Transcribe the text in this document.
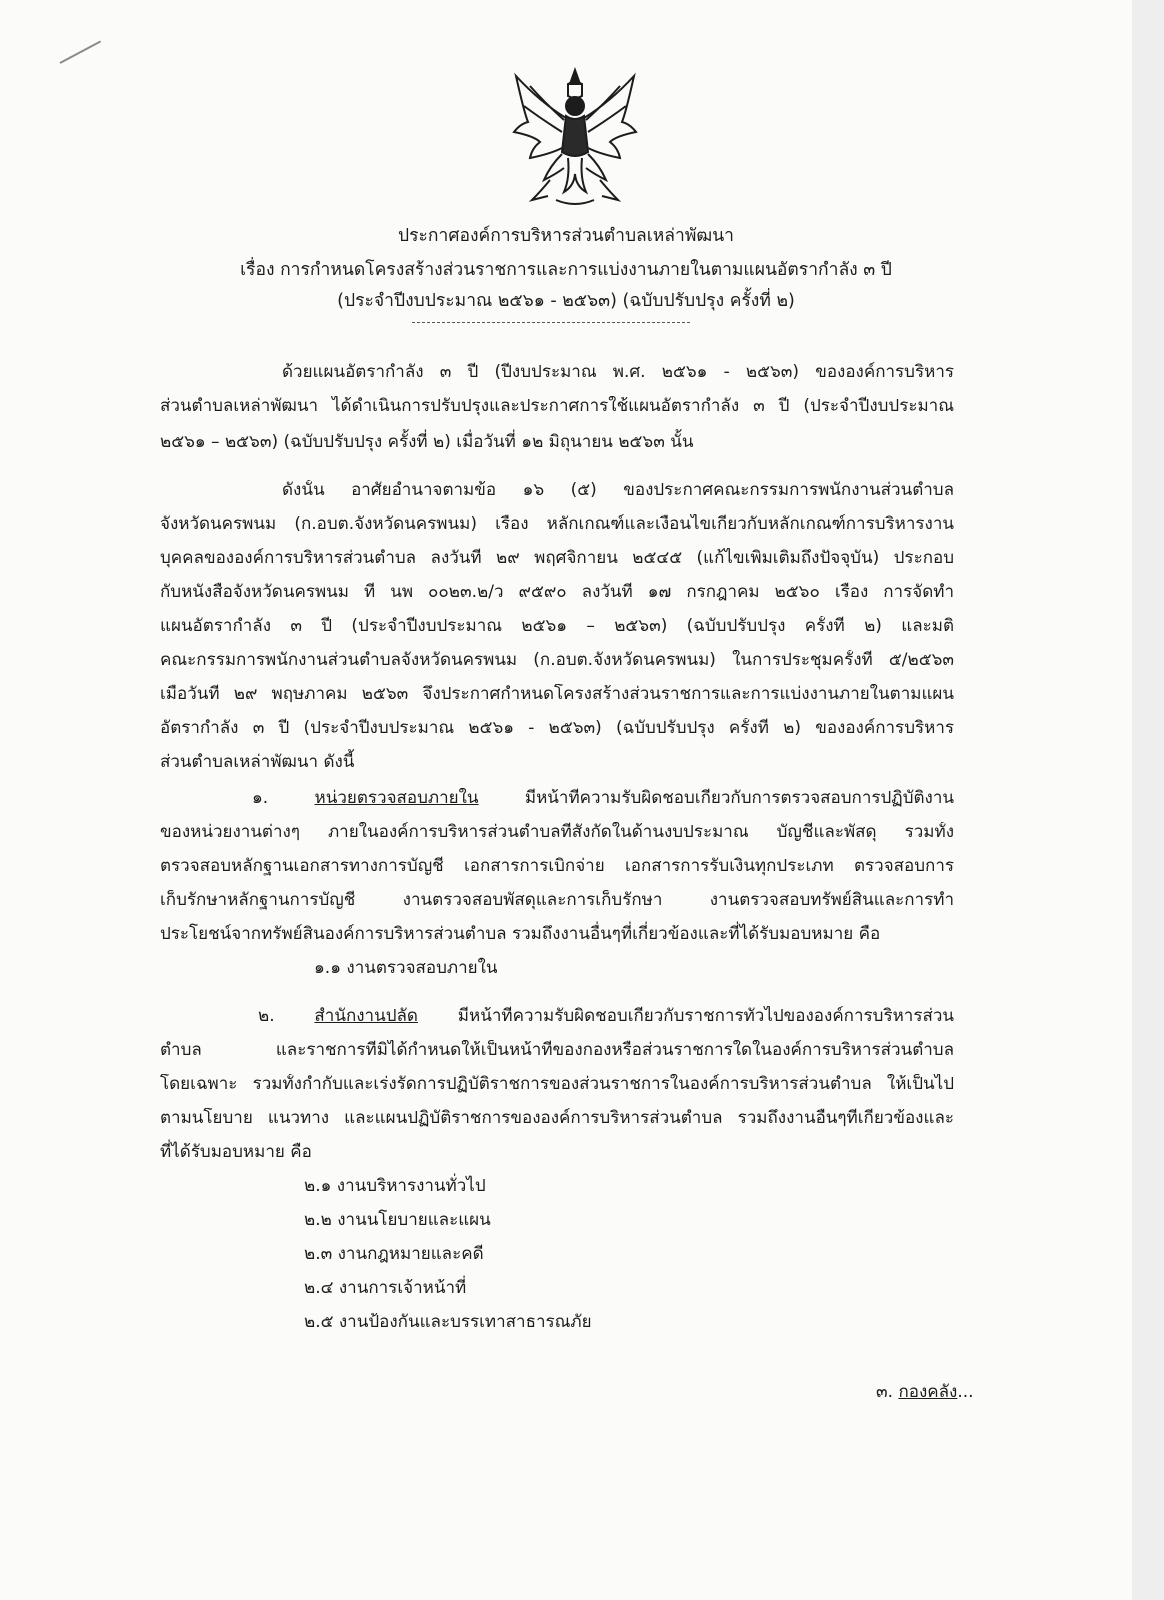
ประกาศองค์การบริหารส่วนตำบลเหล่าพัฒนา
เรื่อง การกำหนดโครงสร้างส่วนราชการและการแบ่งงานภายในตามแผนอัตรากำลัง ๓ ปี
(ประจำปีงบประมาณ ๒๕๖๑ - ๒๕๖๓) (ฉบับปรับปรุง ครั้งที่ ๒)
ด้วยแผนอัตรากำลัง ๓ ปี (ปีงบประมาณ พ.ศ. ๒๕๖๑ - ๒๕๖๓) ขององค์การบริหาร
ส่วนตำบลเหล่าพัฒนา ได้ดำเนินการปรับปรุงและประกาศการใช้แผนอัตรากำลัง ๓ ปี (ประจำปีงบประมาณ
๒๕๖๑ – ๒๕๖๓) (ฉบับปรับปรุง ครั้งที่ ๒) เมื่อวันที่ ๑๒ มิถุนายน ๒๕๖๓ นั้น
ดังนั้น อาศัยอำนาจตามข้อ ๑๖ (๕) ของประกาศคณะกรรมการพนักงานส่วนตำบล
จังหวัดนครพนม (ก.อบต.จังหวัดนครพนม) เรื่อง หลักเกณฑ์และเงื่อนไขเกี่ยวกับหลักเกณฑ์การบริหารงาน
บุคคลขององค์การบริหารส่วนตำบล ลงวันที่ ๒๙ พฤศจิกายน ๒๕๔๕ (แก้ไขเพิ่มเติมถึงปัจจุบัน) ประกอบ
กับหนังสือจังหวัดนครพนม ที่ นพ ๐๐๒๓.๒/ว ๙๕๙๐ ลงวันที่ ๑๗ กรกฎาคม ๒๕๖๐ เรื่อง การจัดทำ
แผนอัตรากำลัง ๓ ปี (ประจำปีงบประมาณ ๒๕๖๑ – ๒๕๖๓) (ฉบับปรับปรุง ครั้งที่ ๒) และมติ
คณะกรรมการพนักงานส่วนตำบลจังหวัดนครพนม (ก.อบต.จังหวัดนครพนม) ในการประชุมครั้งที่ ๕/๒๕๖๓
เมื่อวันที่ ๒๙ พฤษภาคม ๒๕๖๓ จึงประกาศกำหนดโครงสร้างส่วนราชการและการแบ่งงานภายในตามแผน
อัตรากำลัง ๓ ปี (ประจำปีงบประมาณ ๒๕๖๑ - ๒๕๖๓) (ฉบับปรับปรุง ครั้งที่ ๒) ขององค์การบริหาร
ส่วนตำบลเหล่าพัฒนา ดังนี้
๑.	หน่วยตรวจสอบภายใน	มีหน้าที่ความรับผิดชอบเกี่ยวกับการตรวจสอบการปฏิบัติงาน
ของหน่วยงานต่างๆ ภายในองค์การบริหารส่วนตำบลที่สังกัดในด้านงบประมาณ บัญชีและพัสดุ รวมทั้ง
ตรวจสอบหลักฐานเอกสารทางการบัญชี เอกสารการเบิกจ่าย เอกสารการรับเงินทุกประเภท ตรวจสอบการ
เก็บรักษาหลักฐานการบัญชี งานตรวจสอบพัสดุและการเก็บรักษา งานตรวจสอบทรัพย์สินและการทำ
ประโยชน์จากทรัพย์สินองค์การบริหารส่วนตำบล รวมถึงงานอื่นๆที่เกี่ยวข้องและที่ได้รับมอบหมาย คือ
๑.๑ งานตรวจสอบภายใน
๒. สำนักงานปลัด มีหน้าที่ความรับผิดชอบเกี่ยวกับราชการทั่วไปขององค์การบริหารส่วน
ตำบล และราชการที่มิได้กำหนดให้เป็นหน้าที่ของกองหรือส่วนราชการใดในองค์การบริหารส่วนตำบล
โดยเฉพาะ รวมทั้งกำกับและเร่งรัดการปฏิบัติราชการของส่วนราชการในองค์การบริหารส่วนตำบล ให้เป็นไป
ตามนโยบาย แนวทาง และแผนปฏิบัติราชการขององค์การบริหารส่วนตำบล รวมถึงงานอื่นๆที่เกี่ยวข้องและ
ที่ได้รับมอบหมาย คือ
๒.๑ งานบริหารงานทั่วไป
๒.๒ งานนโยบายและแผน
๒.๓ งานกฎหมายและคดี
๒.๔ งานการเจ้าหน้าที่
๒.๕ งานป้องกันและบรรเทาสาธารณภัย
๓. กองคลัง...
